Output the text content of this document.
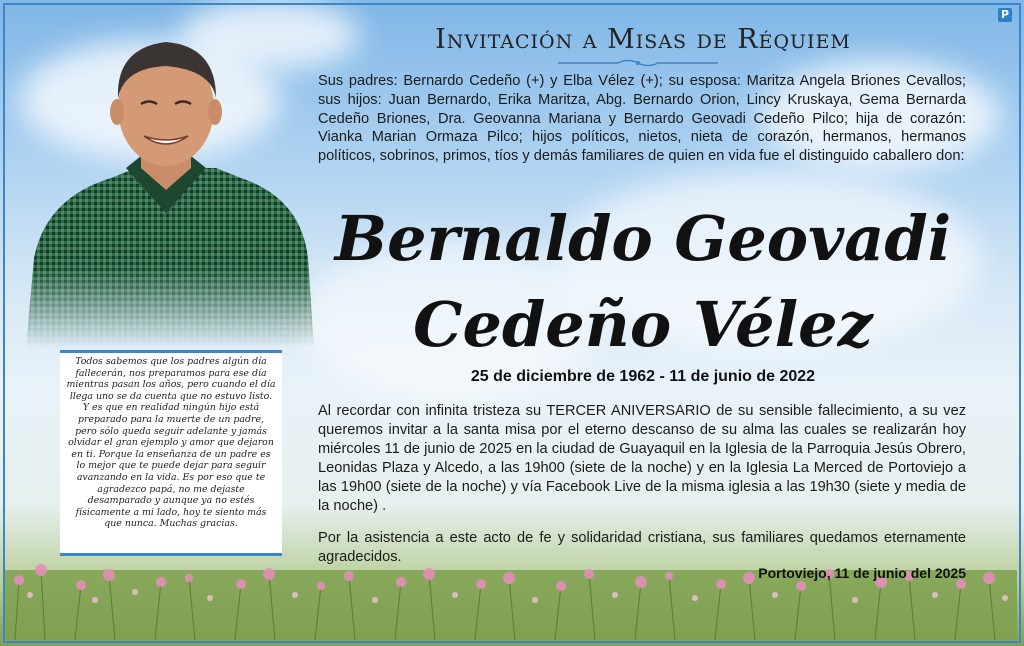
P
Todos sabemos que los padres algún día fallecerán, nos preparamos para ese día mientras pasan los años, pero cuando el día llega uno se da cuenta que no estuvo listo. Y es que en realidad ningún hijo está preparado para la muerte de un padre, pero sólo queda seguir adelante y jamás olvidar el gran ejemplo y amor que dejaron en ti. Porque la enseñanza de un padre es lo mejor que te puede dejar para seguir avanzando en la vida. Es por eso que te agradezco papá, no me dejaste desamparado y aunque ya no estés físicamente a mi lado, hoy te siento más que nunca. Muchas gracias.
Invitación a Misas de Réquiem
Sus padres: Bernardo Cedeño (+) y Elba Vélez (+); su esposa: Maritza Angela Briones Cevallos; sus hijos: Juan Bernardo, Erika Maritza, Abg. Bernardo Orion, Lincy Kruskaya, Gema Bernarda Cedeño Briones, Dra. Geovanna Mariana y Bernardo Geovadi Cedeño Pilco; hija de corazón: Vianka Marian Ormaza Pilco; hijos políticos, nietos, nieta de corazón, hermanos, hermanos políticos, sobrinos, primos, tíos y demás familiares de quien en vida fue el distinguido caballero don:
Bernaldo Geovadi
Cedeño Vélez
25 de diciembre de 1962 - 11 de junio de 2022

Al recordar con infinita tristeza su TERCER ANIVERSARIO de su sensible fallecimiento, a su vez queremos invitar a la santa misa por el eterno descanso de su alma las cuales se realizarán hoy miércoles 11 de junio de 2025 en la ciudad de Guayaquil en la Iglesia de la Parroquia Jesús Obrero, Leonidas Plaza y Alcedo, a las 19h00 (siete de la noche) y en la Iglesia La Merced de Portoviejo a las 19h00 (siete de la noche) y vía Facebook Live de la misma iglesia a las 19h30 (siete y media de la noche) .

Por la asistencia a este acto de fe y solidaridad cristiana, sus familiares quedamos eternamente agradecidos.

Portoviejo, 11 de junio del 2025
